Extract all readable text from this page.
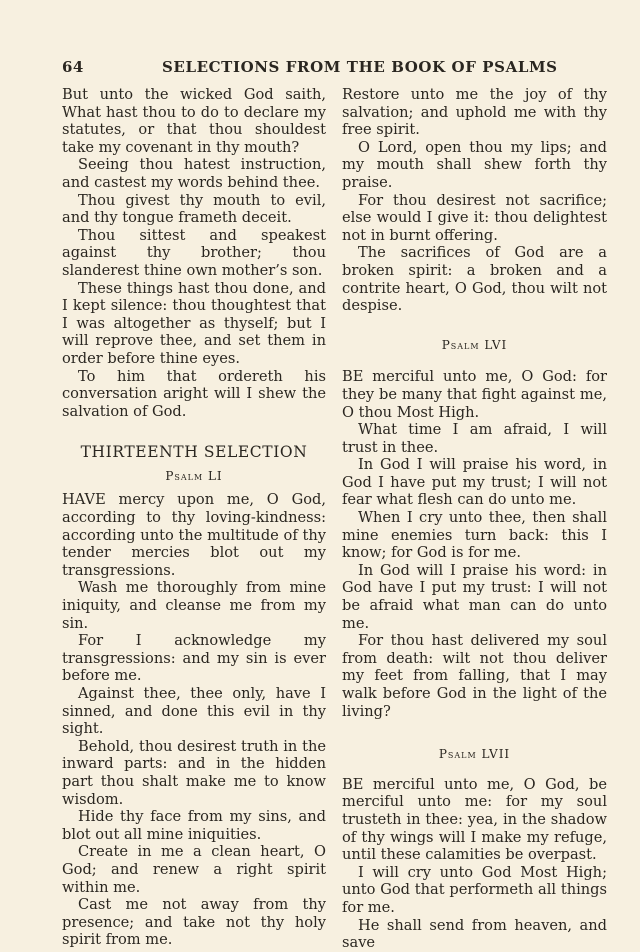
64	SELECTIONS FROM THE BOOK OF PSALMS

But unto the wicked God saith, What hast thou to do to declare my statutes, or that thou shouldest take my covenant in thy mouth?

Seeing thou hatest instruction, and castest my words behind thee.

Thou givest thy mouth to evil, and thy tongue frameth deceit.

Thou sittest and speakest against thy brother; thou slanderest thine own mother’s son.

These things hast thou done, and I kept silence: thou thoughtest that I was altogether as thyself; but I will reprove thee, and set them in order before thine eyes.

To him that ordereth his conversation aright will I shew the salvation of God.

THIRTEENTH SELECTION
Psalm LI

HAVE mercy upon me, O God, according to thy loving-kindness: according unto the multitude of thy tender mercies blot out my transgressions.

Wash me thoroughly from mine iniquity, and cleanse me from my sin.

For I acknowledge my transgressions: and my sin is ever before me.

Against thee, thee only, have I sinned, and done this evil in thy sight.

Behold, thou desirest truth in the inward parts: and in the hidden part thou shalt make me to know wisdom.

Hide thy face from my sins, and blot out all mine iniquities.

Create in me a clean heart, O God; and renew a right spirit within me.

Cast me not away from thy presence; and take not thy holy spirit from me.

Restore unto me the joy of thy salvation; and uphold me with thy free spirit.

O Lord, open thou my lips; and my mouth shall shew forth thy praise.

For thou desirest not sacrifice; else would I give it: thou delightest not in burnt offering.

The sacrifices of God are a broken spirit: a broken and a contrite heart, O God, thou wilt not despise.

Psalm LVI

BE merciful unto me, O God: for they be many that fight against me, O thou Most High.

What time I am afraid, I will trust in thee.

In God I will praise his word, in God I have put my trust; I will not fear what flesh can do unto me.

When I cry unto thee, then shall mine enemies turn back: this I know; for God is for me.

In God will I praise his word: in God have I put my trust: I will not be afraid what man can do unto me.

For thou hast delivered my soul from death: wilt not thou deliver my feet from falling, that I may walk before God in the light of the living?

Psalm LVII

BE merciful unto me, O God, be merciful unto me: for my soul trusteth in thee: yea, in the shadow of thy wings will I make my refuge, until these calamities be overpast.

I will cry unto God Most High; unto God that performeth all things for me.

He shall send from heaven, and save
